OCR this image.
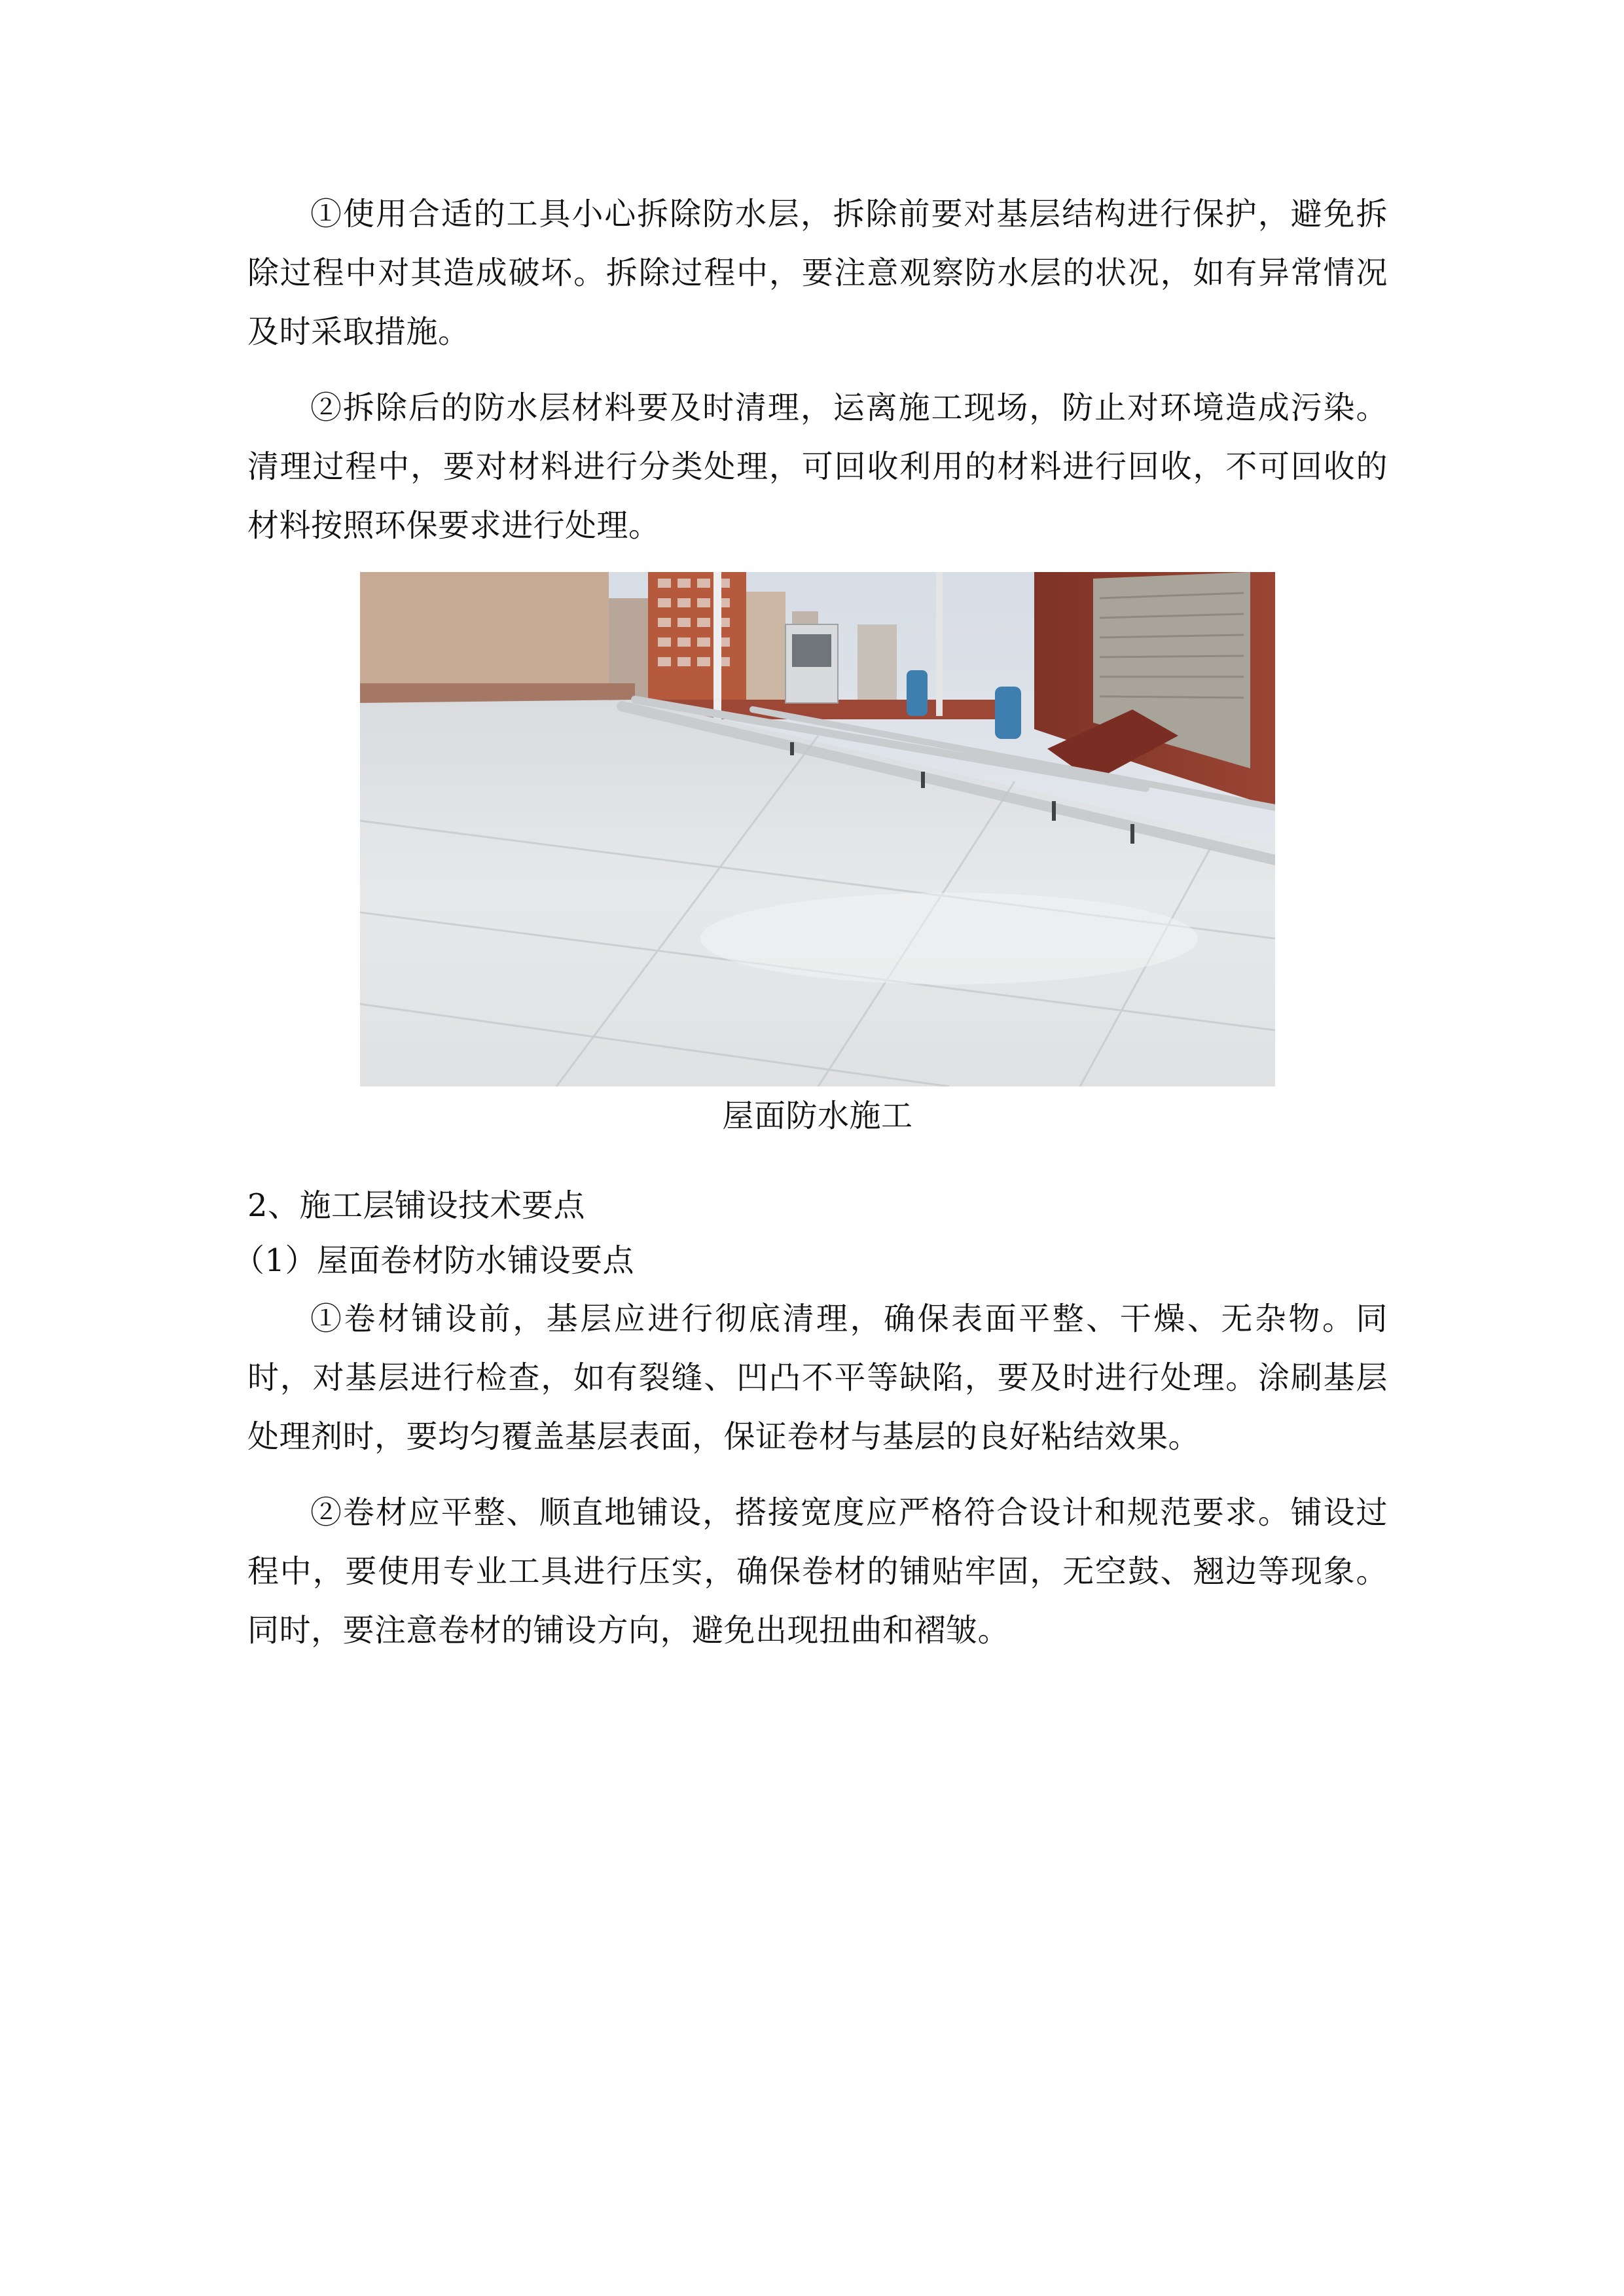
①使用合适的工具小心拆除防水层，拆除前要对基层结构进行保护，避免拆除过程中对其造成破坏。拆除过程中，要注意观察防水层的状况，如有异常情况及时采取措施。

②拆除后的防水层材料要及时清理，运离施工现场，防止对环境造成污染。清理过程中，要对材料进行分类处理，可回收利用的材料进行回收，不可回收的材料按照环保要求进行处理。

屋面防水施工
2、施工层铺设技术要点
（1）屋面卷材防水铺设要点

①卷材铺设前，基层应进行彻底清理，确保表面平整、干燥、无杂物。同时，对基层进行检查，如有裂缝、凹凸不平等缺陷，要及时进行处理。涂刷基层处理剂时，要均匀覆盖基层表面，保证卷材与基层的良好粘结效果。

②卷材应平整、顺直地铺设，搭接宽度应严格符合设计和规范要求。铺设过程中，要使用专业工具进行压实，确保卷材的铺贴牢固，无空鼓、翘边等现象。同时，要注意卷材的铺设方向，避免出现扭曲和褶皱。
